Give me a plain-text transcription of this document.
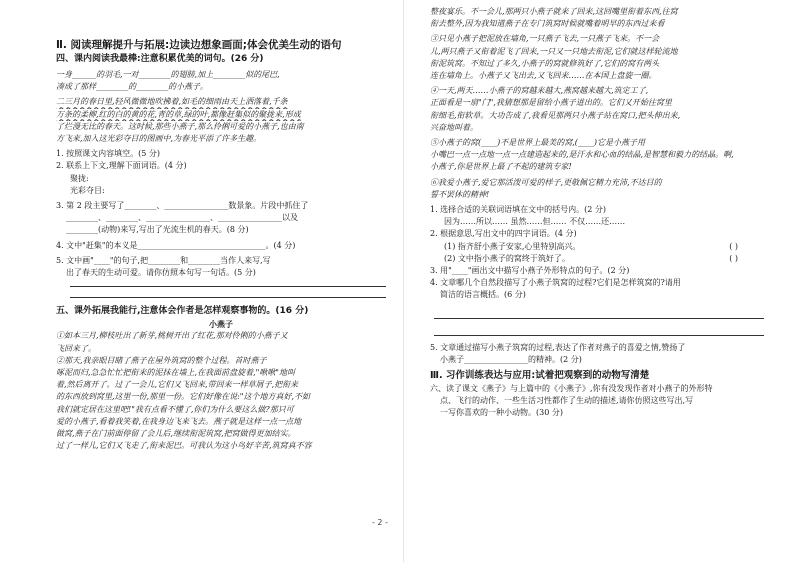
Ⅱ. 阅读理解提升与拓展:边读边想象画面;体会优美生动的语句
四、课内阅读我最棒:注意积累优美的词句。(26 分)
一身______的羽毛,一对________的翅膀,加上________似的尾巴,
凑成了那样________的________的小燕子。
二三月的春日里,轻风微微地吹拂着,如毛的细雨由天上洒落着,千条
万条的柔柳,红的白的黄的花,青的草,绿的叶,都像赶集似的聚拢来,形成
了烂漫无比的春天。这时候,那些小燕子,那么伶俐可爱的小燕子,也由南
方飞来,加入这光彩夺目的图画中,为春光平添了许多生趣。
1. 按照课文内容填空。(5 分)
2. 联系上下文,理解下面词语。(4 分)
聚拢:
光彩夺目:
3. 第 2 段主要写了________、________________数景象。片段中抓住了
________、________、________________、________________以及
________(动物)来写,写出了光流生机的春天。(8 分)
4. 文中"赶集"的本义是________________________________。(4 分)
5. 文中画"____"的句子,把________和________当作人来写,写
出了春天的生动可爱。请你仿照本句写一句话。(5 分)
五、课外拓展我能行,注意体会作者是怎样观察事物的。(16 分)
小燕子
①如本三月,柳枝吐出了新芽,桃树开出了红花,那对伶俐的小燕子又
飞回来了。
②那天,我亲眼目睹了燕子在屋外筑窝的整个过程。首时燕子
啄泥而归,急急忙忙把衔来的泥抹在墙上,在我面前盘旋着,"啾啾"地叫
着,然后离开了。过了一会儿,它们又飞回来,带回来一样草屑子,把衔来
的东西放到窝里,这里一份,那里一份。它们好像在说:"这个地方真好,不如
我们就定居在这里吧!"我有点看不懂了,你们为什么要这么做?那只可
爱的小燕子,看着我笑着,在我身边飞来飞去。燕子就是这样一点一点地
做窝,燕子在门前面停留了会儿后,继续衔泥筑窝,把窝做得更加结实。
过了一样儿,它们又飞走了,衔来泥巴。可我认为这小鸟好辛苦,筑窝真不容
整夜宴乐。不一会儿,那两只小燕子就来了回来,这回嘴里衔着东西,往窝
衔去整外,因为我知道燕子在专门筑窝时候就嘴着明早的东西过来看
③只见小燕子把泥放在墙角,一只燕子飞去,一只燕子飞来。不一会
儿,两只燕子又衔着泥飞了回来,一只又一只地去衔泥,它们就这样轮流地
衔泥筑窝。不知过了多久,小燕子的窝就修筑好了,它们的窝有两头
连在墙角上。小燕子又飞出去,又飞回来……在本国上盘旋一圈。
④一天,两天……小燕子的窝越来越大,燕窝越来越大,筑定工了,
正面看是一扇"门",我猜想那是留给小燕子进出的。它们又开始往窝里
衔细毛,衔软草。大功告成了,我看见那两只小燕子站在窝口,把头伸出来,
兴奋地叫着。
⑤小燕子的窝(____)不是世界上最美的窝,(____)它是小燕子用
小嘴巴一点一点地一点一点建造起来的,是汗水和心血的结晶,是智慧和毅力的结晶。啊,
小燕子,你是世界上最了不起的建筑专家!
⑥我爱小燕子,爱它那活泼可爱的样子,更敬佩它精力充沛,不达目的
誓不罢休的精神!
1. 选择合适的关联词语填在文中的括号内。(2 分)
因为……所以…… 虽然……但…… 不仅……还……
2. 根据意思,写出文中的四字词语。(4 分)
(1) 指齐舒小燕子安家,心里特别高兴。	( )
(2) 文中指小燕子的窝终于筑好了。	( )
3. 用"____"画出文中描写小燕子外形特点的句子。(2 分)
4. 文章哪几个自然段描写了小燕子筑窝的过程?它们是怎样筑窝的?请用
简洁的语言概括。(6 分)
5. 文章通过描写小燕子筑窝的过程,表达了作者对燕子的喜爱之情,赞扬了
小燕子________________的精神。(2 分)
Ⅲ. 习作训练表达与应用:试着把观察到的动物写清楚
六、读了课文《燕子》与上篇中的《小燕子》,你有没发现作者对小燕子的外形特
点、飞行的动作、一些生活习性都作了生动的描述,请你仿照这些写出,写
一写你喜欢的一种小动物。(30 分)
- 2 -
